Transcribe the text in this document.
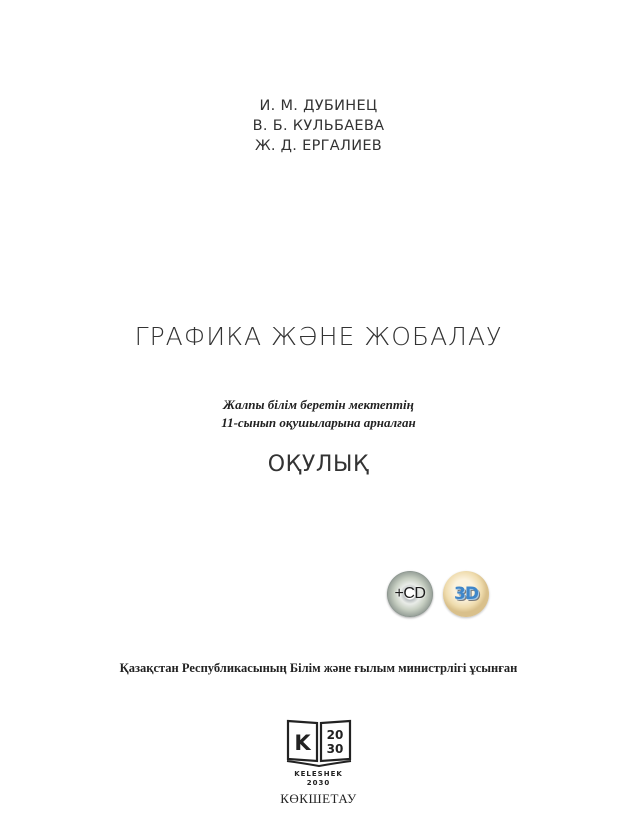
И. М. ДУБИНЕЦ
В. Б. КУЛЬБАЕВА
Ж. Д. ЕРГАЛИЕВ
ГРАФИКА ЖӘНЕ ЖОБАЛАУ
Жалпы білім беретін мектептің
11-сынып оқушыларына арналған
ОҚУЛЫҚ
+CD 3D
Қазақстан Республикасының Білім және ғылым министрлігі ұсынған
K 20
30
KELESHEK
2030
КӨКШЕТАУ
